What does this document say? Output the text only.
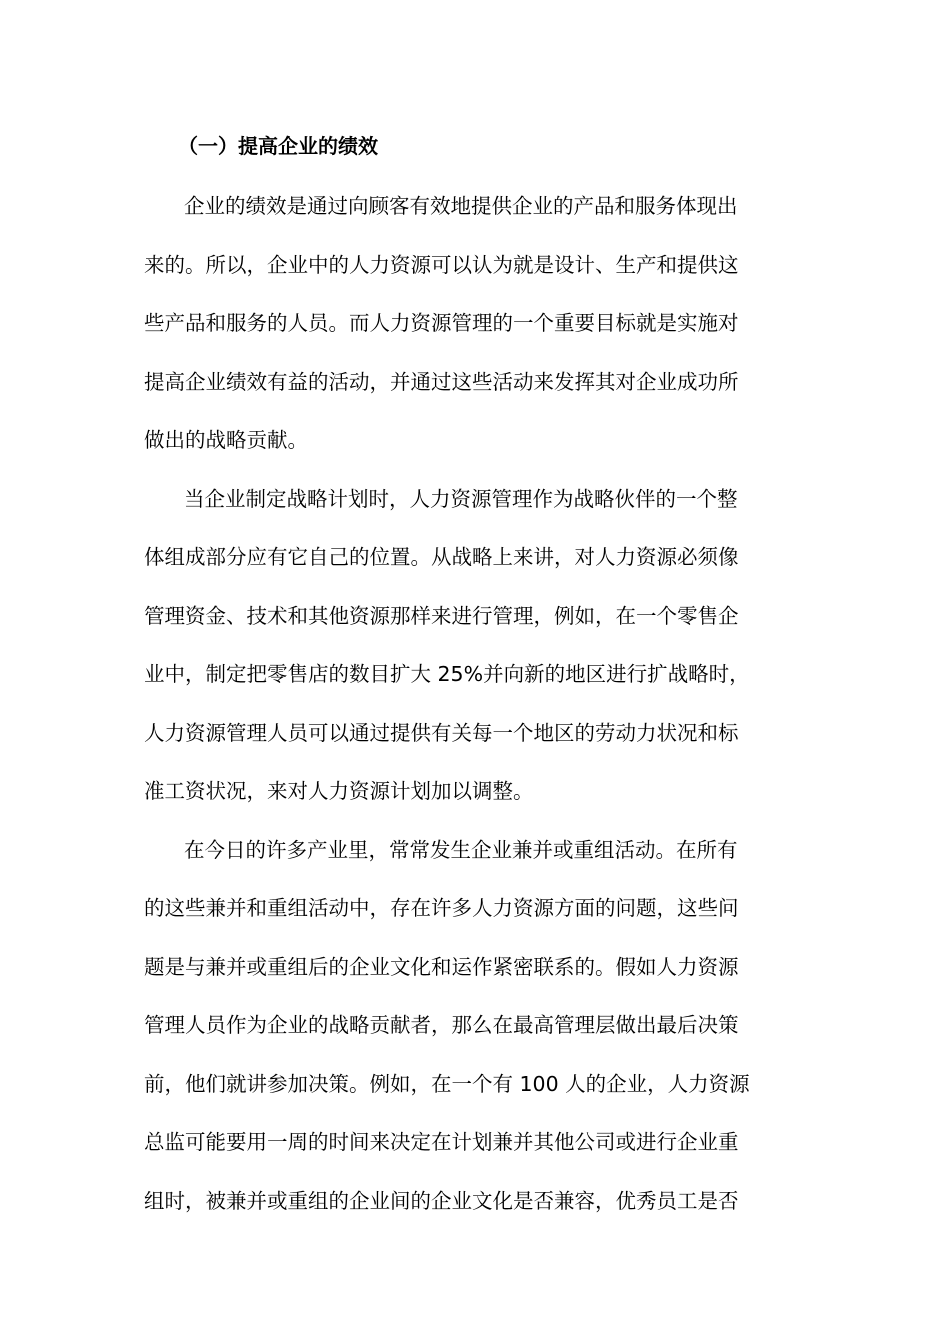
（一）提高企业的绩效
企业的绩效是通过向顾客有效地提供企业的产品和服务体现出
来的。所以，企业中的人力资源可以认为就是设计、生产和提供这
些产品和服务的人员。而人力资源管理的一个重要目标就是实施对
提高企业绩效有益的活动，并通过这些活动来发挥其对企业成功所
做出的战略贡献。
当企业制定战略计划时，人力资源管理作为战略伙伴的一个整
体组成部分应有它自己的位置。从战略上来讲，对人力资源必须像
管理资金、技术和其他资源那样来进行管理，例如，在一个零售企
业中，制定把零售店的数目扩大 25%并向新的地区进行扩战略时，
人力资源管理人员可以通过提供有关每一个地区的劳动力状况和标
准工资状况，来对人力资源计划加以调整。
在今日的许多产业里，常常发生企业兼并或重组活动。在所有
的这些兼并和重组活动中，存在许多人力资源方面的问题，这些问
题是与兼并或重组后的企业文化和运作紧密联系的。假如人力资源
管理人员作为企业的战略贡献者，那么在最高管理层做出最后决策
前，他们就讲参加决策。例如，在一个有 100 人的企业，人力资源
总监可能要用一周的时间来决定在计划兼并其他公司或进行企业重
组时，被兼并或重组的企业间的企业文化是否兼容，优秀员工是否
